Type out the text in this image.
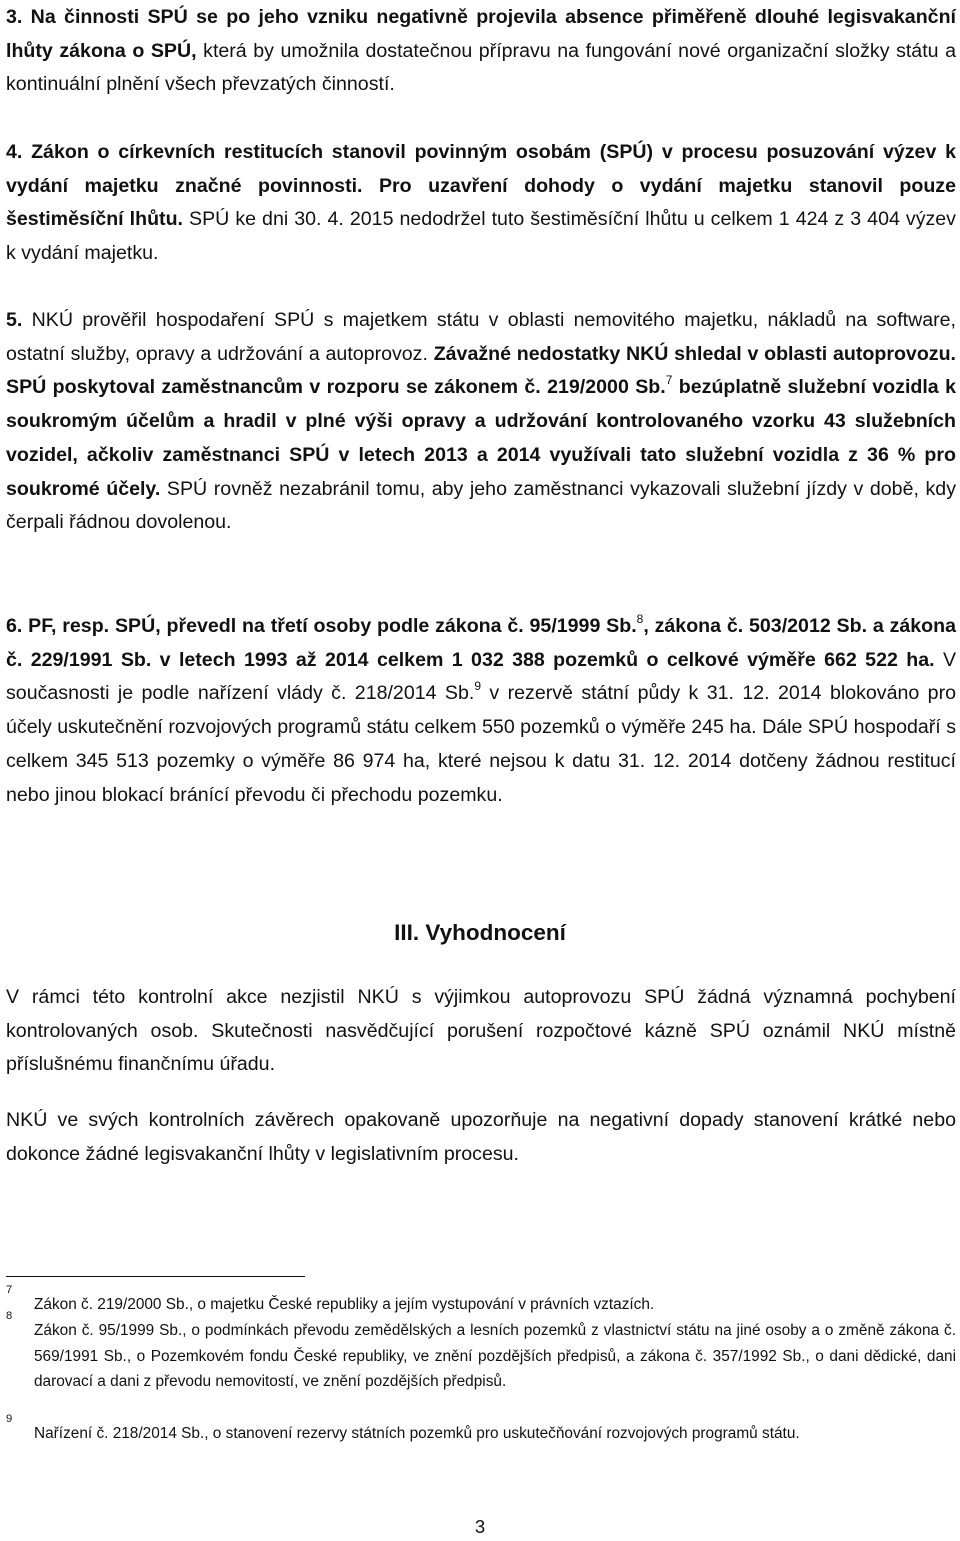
3. Na činnosti SPÚ se po jeho vzniku negativně projevila absence přiměřeně dlouhé legisvakanční lhůty zákona o SPÚ, která by umožnila dostatečnou přípravu na fungování nové organizační složky státu a kontinuální plnění všech převzatých činností.

4. Zákon o církevních restitucích stanovil povinným osobám (SPÚ) v procesu posuzování výzev k vydání majetku značné povinnosti. Pro uzavření dohody o vydání majetku stanovil pouze šestiměsíční lhůtu. SPÚ ke dni 30. 4. 2015 nedodržel tuto šestiměsíční lhůtu u celkem 1 424 z 3 404 výzev k vydání majetku.

5. NKÚ prověřil hospodaření SPÚ s majetkem státu v oblasti nemovitého majetku, nákladů na software, ostatní služby, opravy a udržování a autoprovoz. Závažné nedostatky NKÚ shledal v oblasti autoprovozu. SPÚ poskytoval zaměstnancům v rozporu se zákonem č. 219/2000 Sb.$^7$ bezúplatně služební vozidla k soukromým účelům a hradil v plné výši opravy a udržování kontrolovaného vzorku 43 služebních vozidel, ačkoliv zaměstnanci SPÚ v letech 2013 a 2014 využívali tato služební vozidla z 36 % pro soukromé účely. SPÚ rovněž nezabránil tomu, aby jeho zaměstnanci vykazovali služební jízdy v době, kdy čerpali řádnou dovolenou.

6. PF, resp. SPÚ, převedl na třetí osoby podle zákona č. 95/1999 Sb.$^8$, zákona č. 503/2012 Sb. a zákona č. 229/1991 Sb. v letech 1993 až 2014 celkem 1 032 388 pozemků o celkové výměře 662 522 ha. V současnosti je podle nařízení vlády č. 218/2014 Sb.$^9$ v rezervě státní půdy k 31. 12. 2014 blokováno pro účely uskutečnění rozvojových programů státu celkem 550 pozemků o výměře 245 ha. Dále SPÚ hospodaří s celkem 345 513 pozemky o výměře 86 974 ha, které nejsou k datu 31. 12. 2014 dotčeny žádnou restitucí nebo jinou blokací bránící převodu či přechodu pozemku.

III. Vyhodnocení

V rámci této kontrolní akce nezjistil NKÚ s výjimkou autoprovozu SPÚ žádná významná pochybení kontrolovaných osob. Skutečnosti nasvědčující porušení rozpočtové kázně SPÚ oznámil NKÚ místně příslušnému finančnímu úřadu.

NKÚ ve svých kontrolních závěrech opakovaně upozorňuje na negativní dopady stanovení krátké nebo dokonce žádné legisvakanční lhůty v legislativním procesu.

7
Zákon č. 219/2000 Sb., o majetku České republiky a jejím vystupování v právních vztazích.
8
Zákon č. 95/1999 Sb., o podmínkách převodu zemědělských a lesních pozemků z vlastnictví státu na jiné osoby a o změně zákona č. 569/1991 Sb., o Pozemkovém fondu České republiky, ve znění pozdějších předpisů, a zákona č. 357/1992 Sb., o dani dědické, dani darovací a dani z převodu nemovitostí, ve znění pozdějších předpisů.
9
Nařízení č. 218/2014 Sb., o stanovení rezervy státních pozemků pro uskutečňování rozvojových programů státu.
3
